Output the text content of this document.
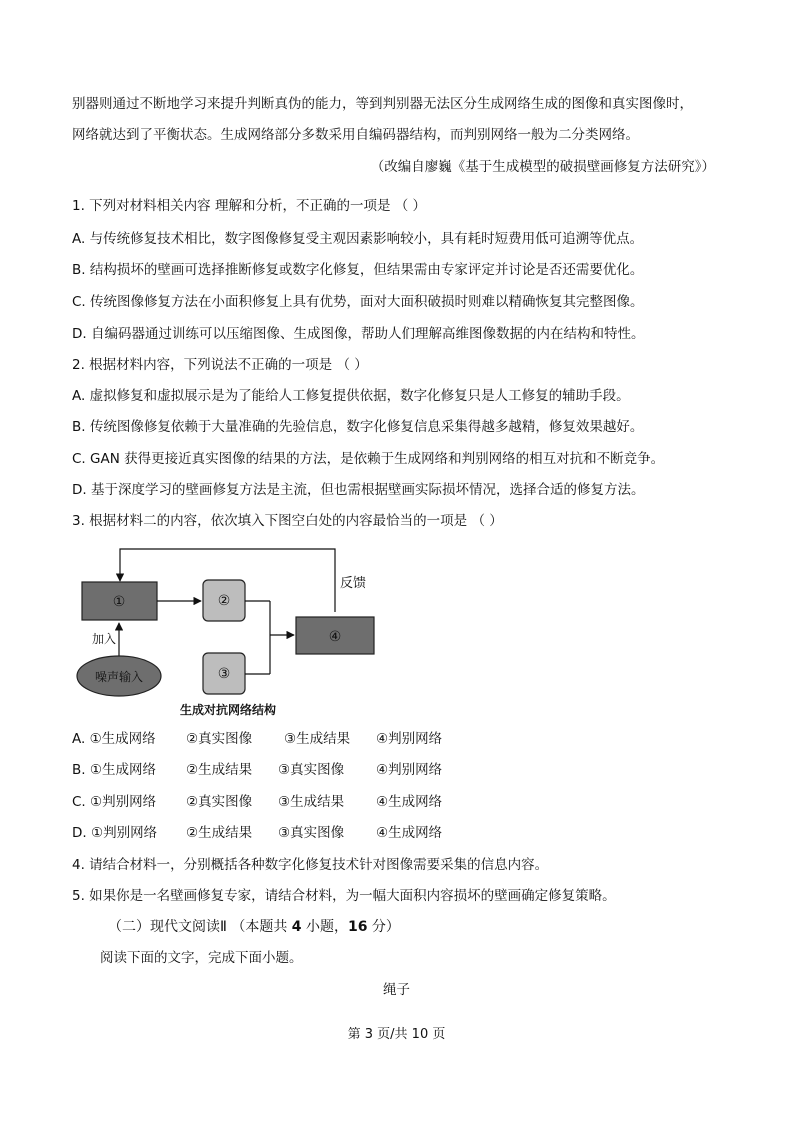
别器则通过不断地学习来提升判断真伪的能力，等到判别器无法区分生成网络生成的图像和真实图像时，
网络就达到了平衡状态。生成网络部分多数采用自编码器结构，而判别网络一般为二分类网络。
（改编自廖巍《基于生成模型的破损壁画修复方法研究》）
1. 下列对材料相关内容 理解和分析，不正确的一项是 （ ）
A. 与传统修复技术相比，数字图像修复受主观因素影响较小，具有耗时短费用低可追溯等优点。
B. 结构损坏的壁画可选择推断修复或数字化修复，但结果需由专家评定并讨论是否还需要优化。
C. 传统图像修复方法在小面积修复上具有优势，面对大面积破损时则难以精确恢复其完整图像。
D. 自编码器通过训练可以压缩图像、生成图像，帮助人们理解高维图像数据的内在结构和特性。
2. 根据材料内容，下列说法不正确的一项是 （ ）
A. 虚拟修复和虚拟展示是为了能给人工修复提供依据，数字化修复只是人工修复的辅助手段。
B. 传统图像修复依赖于大量准确的先验信息，数字化修复信息采集得越多越精，修复效果越好。
C. GAN 获得更接近真实图像的结果的方法，是依赖于生成网络和判别网络的相互对抗和不断竞争。
D. 基于深度学习的壁画修复方法是主流，但也需根据壁画实际损坏情况，选择合适的修复方法。
3. 根据材料二的内容，依次填入下图空白处的内容最恰当的一项是 （ ）
反馈
①	②
③
④
加入
噪声输入
生成对抗网络结构
A. ①生成网络 ②真实图像 ③生成结果 ④判别网络
B. ①生成网络 ②生成结果 ③真实图像 ④判别网络
C. ①判别网络 ②真实图像 ③生成结果 ④生成网络
D. ①判别网络 ②生成结果 ③真实图像 ④生成网络
4. 请结合材料一，分别概括各种数字化修复技术针对图像需要采集的信息内容。
5. 如果你是一名壁画修复专家，请结合材料，为一幅大面积内容损坏的壁画确定修复策略。
（二）现代文阅读Ⅱ （本题共 4 小题，16 分）
阅读下面的文字，完成下面小题。
绳子
第 3 页/共 10 页
